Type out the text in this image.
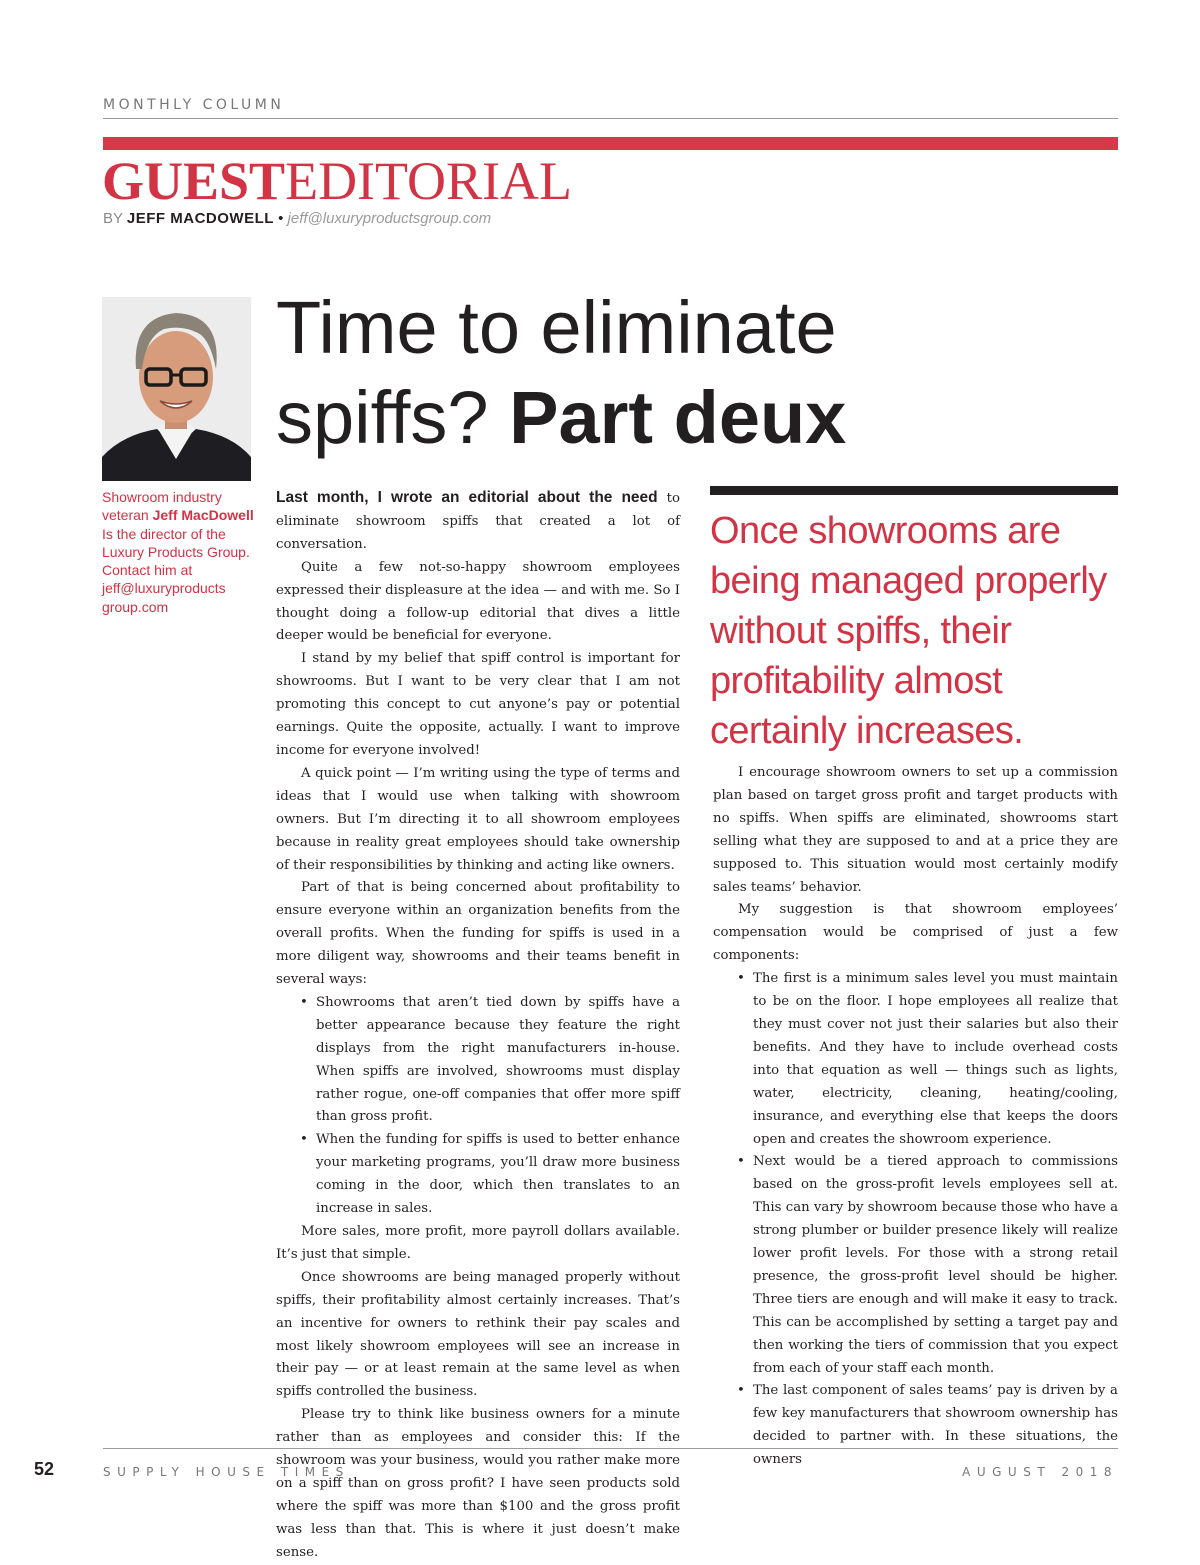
MONTHLY COLUMN
GUESTEDITORIAL
BY JEFF MACDOWELL • jeff@luxuryproductsgroup.com
Showroom industry veteran Jeff MacDowell Is the director of the Luxury Products Group. Contact him at jeff@luxuryproducts group.com
Time to eliminate
spiffs? Part deux

Last month, I wrote an editorial about the need to eliminate showroom spiffs that created a lot of conversation.

Quite a few not-so-happy showroom employees expressed their displeasure at the idea — and with me. So I thought doing a follow-up editorial that dives a little deeper would be beneficial for everyone.

I stand by my belief that spiff control is important for showrooms. But I want to be very clear that I am not promoting this concept to cut anyone’s pay or potential earnings. Quite the opposite, actually. I want to improve income for everyone involved!

A quick point — I’m writing using the type of terms and ideas that I would use when talking with showroom owners. But I’m directing it to all showroom employees because in reality great employees should take ownership of their responsibilities by thinking and acting like owners.

Part of that is being concerned about profitability to ensure everyone within an organization benefits from the overall profits. When the funding for spiffs is used in a more diligent way, showrooms and their teams benefit in several ways:

• Showrooms that aren’t tied down by spiffs have a better appearance because they feature the right displays from the right manufacturers in-house. When spiffs are involved, showrooms must display rather rogue, one-off companies that offer more spiff than gross profit.
• When the funding for spiffs is used to better enhance your marketing programs, you’ll draw more business coming in the door, which then translates to an increase in sales.

More sales, more profit, more payroll dollars available. It’s just that simple.

Once showrooms are being managed properly without spiffs, their profitability almost certainly increases. That’s an incentive for owners to rethink their pay scales and most likely showroom employees will see an increase in their pay — or at least remain at the same level as when spiffs controlled the business.

Please try to think like business owners for a minute rather than as employees and consider this: If the showroom was your business, would you rather make more on a spiff than on gross profit? I have seen products sold where the spiff was more than $100 and the gross profit was less than that. This is where it just doesn’t make sense.

Once showrooms are being managed properly without spiffs, their profitability almost certainly increases.

I encourage showroom owners to set up a commission plan based on target gross profit and target products with no spiffs. When spiffs are eliminated, showrooms start selling what they are supposed to and at a price they are supposed to. This situation would most certainly modify sales teams’ behavior.

My suggestion is that showroom employees’ compensation would be comprised of just a few components:

• The first is a minimum sales level you must maintain to be on the floor. I hope employees all realize that they must cover not just their salaries but also their benefits. And they have to include overhead costs into that equation as well — things such as lights, water, electricity, cleaning, heating/cooling, insurance, and everything else that keeps the doors open and creates the showroom experience.
• Next would be a tiered approach to commissions based on the gross-profit levels employees sell at. This can vary by showroom because those who have a strong plumber or builder presence likely will realize lower profit levels. For those with a strong retail presence, the gross-profit level should be higher. Three tiers are enough and will make it easy to track. This can be accomplished by setting a target pay and then working the tiers of commission that you expect from each of your staff each month.
• The last component of sales teams’ pay is driven by a few key manufacturers that showroom ownership has decided to partner with. In these situations, the owners
52	SUPPLY HOUSE TIMES	AUGUST 2018
